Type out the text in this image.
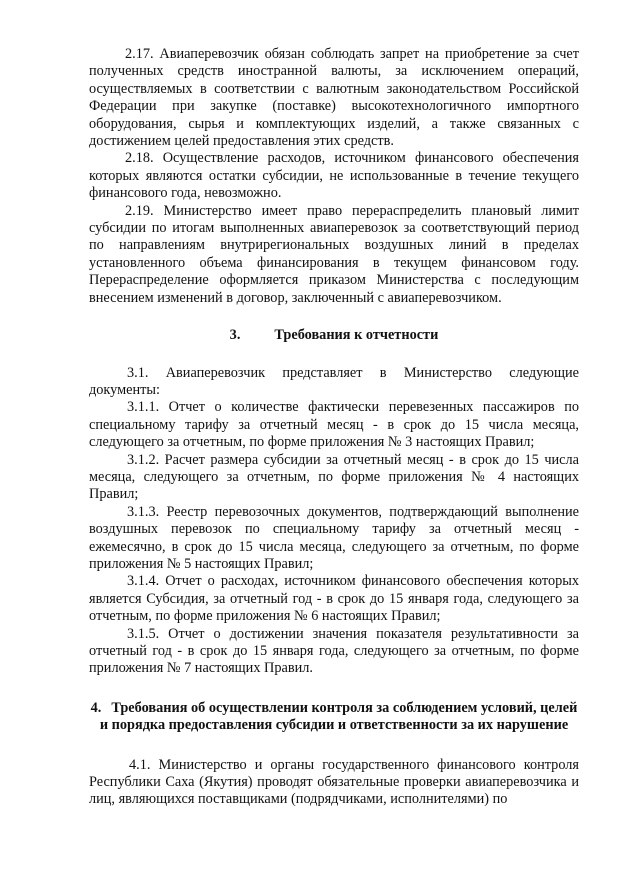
2.17. Авиаперевозчик обязан соблюдать запрет на приобретение за счет полученных средств иностранной валюты, за исключением операций, осуществляемых в соответствии с валютным законодательством Российской Федерации при закупке (поставке) высокотехнологичного импортного оборудования, сырья и комплектующих изделий, а также связанных с достижением целей предоставления этих средств.

2.18. Осуществление расходов, источником финансового обеспечения которых являются остатки субсидии, не использованные в течение текущего финансового года, невозможно.

2.19. Министерство имеет право перераспределить плановый лимит субсидии по итогам выполненных авиаперевозок за соответствующий период по направлениям внутрирегиональных воздушных линий в пределах установленного объема финансирования в текущем финансовом году. Перераспределение оформляется приказом Министерства с последующим внесением изменений в договор, заключенный с авиаперевозчиком.

3. Требования к отчетности

3.1. Авиаперевозчик представляет в Министерство следующие документы:

3.1.1. Отчет о количестве фактически перевезенных пассажиров по специальному тарифу за отчетный месяц - в срок до 15 числа месяца, следующего за отчетным, по форме приложения № 3 настоящих Правил;

3.1.2. Расчет размера субсидии за отчетный месяц - в срок до 15 числа месяца, следующего за отчетным, по форме приложения № 4 настоящих Правил;

3.1.3. Реестр перевозочных документов, подтверждающий выполнение воздушных перевозок по специальному тарифу за отчетный месяц - ежемесячно, в срок до 15 числа месяца, следующего за отчетным, по форме приложения № 5 настоящих Правил;

3.1.4. Отчет о расходах, источником финансового обеспечения которых является Субсидия, за отчетный год - в срок до 15 января года, следующего за отчетным, по форме приложения № 6 настоящих Правил;

3.1.5. Отчет о достижении значения показателя результативности за отчетный год - в срок до 15 января года, следующего за отчетным, по форме приложения № 7 настоящих Правил.

4. Требования об осуществлении контроля за соблюдением условий, целей и порядка предоставления субсидии и ответственности за их нарушение

4.1. Министерство и органы государственного финансового контроля Республики Саха (Якутия) проводят обязательные проверки авиаперевозчика и лиц, являющихся поставщиками (подрядчиками, исполнителями) по
